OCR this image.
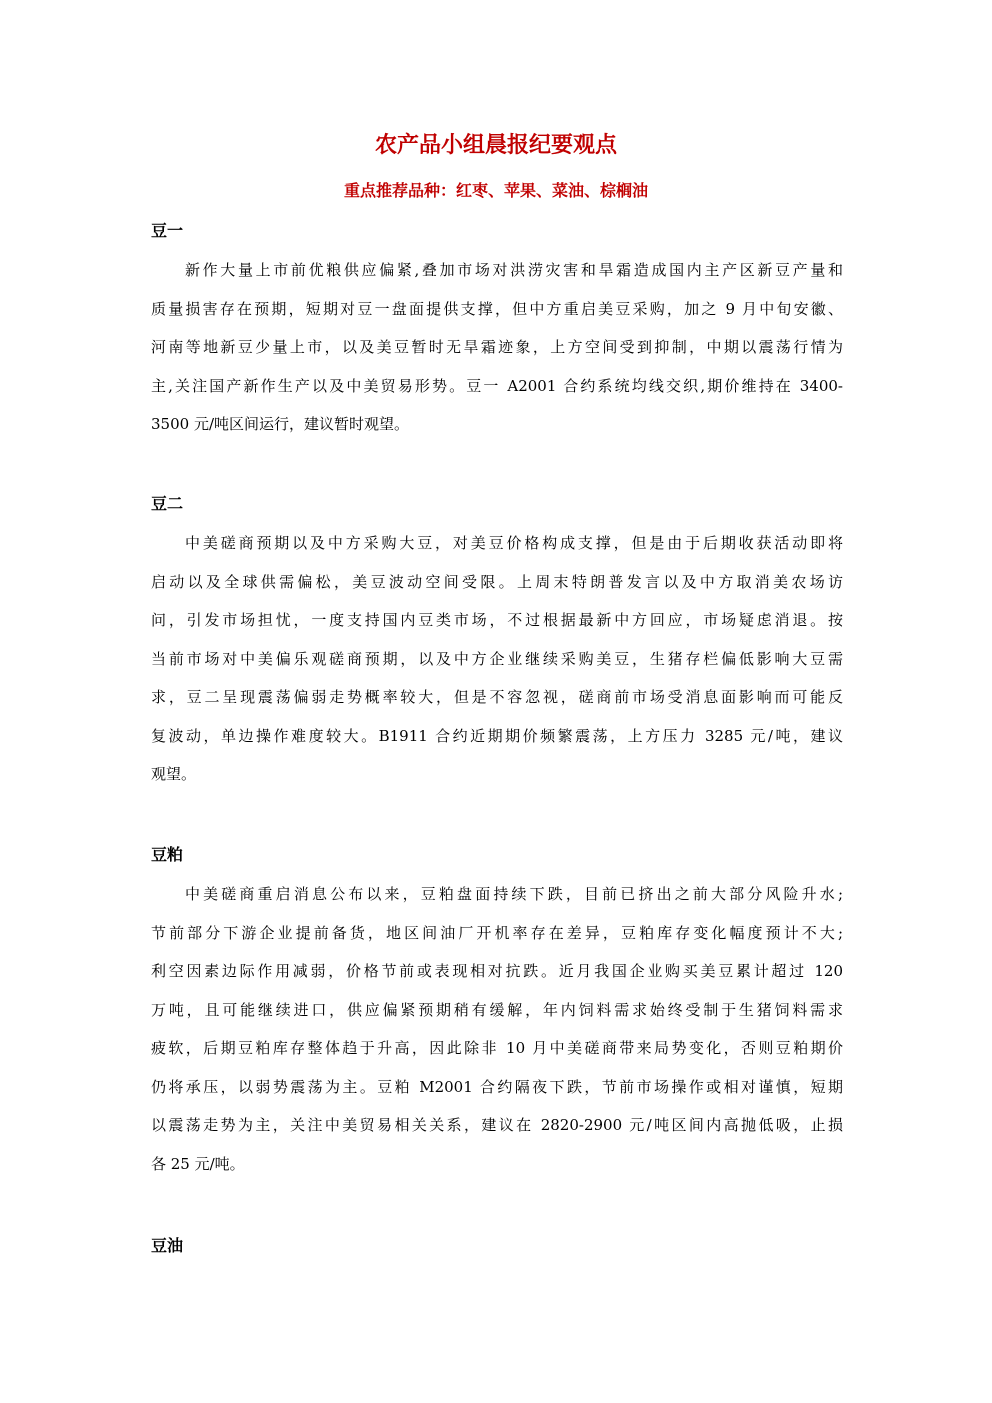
农产品小组晨报纪要观点
重点推荐品种：红枣、苹果、菜油、棕榈油
豆一
新作大量上市前优粮供应偏紧,叠加市场对洪涝灾害和旱霜造成国内主产区新豆产量和
质量损害存在预期，短期对豆一盘面提供支撑，但中方重启美豆采购，加之 9 月中旬安徽、
河南等地新豆少量上市，以及美豆暂时无旱霜迹象，上方空间受到抑制，中期以震荡行情为
主,关注国产新作生产以及中美贸易形势。豆一 A2001 合约系统均线交织,期价维持在 3400-
3500 元/吨区间运行，建议暂时观望。
豆二
中美磋商预期以及中方采购大豆，对美豆价格构成支撑，但是由于后期收获活动即将
启动以及全球供需偏松，美豆波动空间受限。上周末特朗普发言以及中方取消美农场访
问，引发市场担忧，一度支持国内豆类市场，不过根据最新中方回应，市场疑虑消退。按
当前市场对中美偏乐观磋商预期，以及中方企业继续采购美豆，生猪存栏偏低影响大豆需
求，豆二呈现震荡偏弱走势概率较大，但是不容忽视，磋商前市场受消息面影响而可能反
复波动，单边操作难度较大。B1911 合约近期期价频繁震荡，上方压力 3285 元/吨，建议
观望。
豆粕
中美磋商重启消息公布以来，豆粕盘面持续下跌，目前已挤出之前大部分风险升水;
节前部分下游企业提前备货，地区间油厂开机率存在差异，豆粕库存变化幅度预计不大;
利空因素边际作用减弱，价格节前或表现相对抗跌。近月我国企业购买美豆累计超过 120
万吨，且可能继续进口，供应偏紧预期稍有缓解，年内饲料需求始终受制于生猪饲料需求
疲软，后期豆粕库存整体趋于升高，因此除非 10 月中美磋商带来局势变化，否则豆粕期价
仍将承压，以弱势震荡为主。豆粕 M2001 合约隔夜下跌，节前市场操作或相对谨慎，短期
以震荡走势为主，关注中美贸易相关关系，建议在 2820-2900 元/吨区间内高抛低吸，止损
各 25 元/吨。
豆油
